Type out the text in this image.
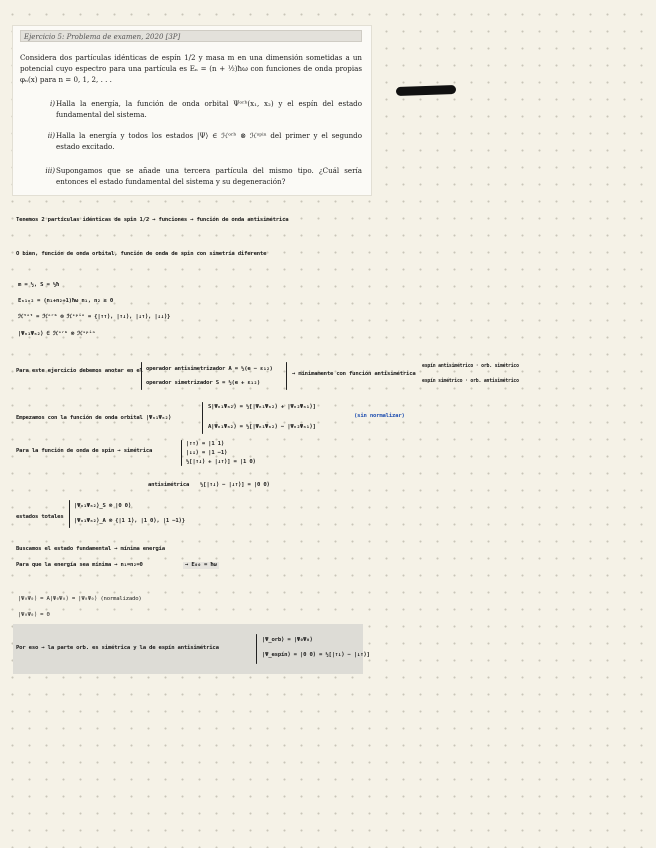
Ejercicio 5: Problema de examen, 2020 [3P]
Considera dos partículas idénticas de espín 1/2 y masa m en una dimensión sometidas a un potencial cuyo espectro para una partícula es Eₙ = (n + ½)ħω con funciones de onda propias φₙ(x) para n = 0, 1, 2, . . .
i) Halla la energía, la función de onda orbital Ψᵒʳᵇ(x₁, x₂) y el espín del estado fundamental del sistema.
ii) Halla la energía y todos los estados |Ψ⟩ ∈ ℋᵒʳᵇ ⊗ ℋˢᵖⁱⁿ del primer y el segundo estado excitado.
iii) Supongamos que se añade una tercera partícula del mismo tipo. ¿Cuál sería entonces el estado fundamental del sistema y su degeneración?
Tenemos 2 partículas idénticas de spin 1/2 → funciones → función de onda antisimétrica
O bien, función de onda orbital, función de onda de spin con simetría diferente
m = ½, S = ½ħ
Eₙ₁ₙ₂ = (n₁+n₂+1)ħω n₁, n₂ ≥ 0
ℋᵗᵒᵗ = ℋᵒʳᵇ ⊗ ℋˢᵖⁱⁿ = {|↑↑⟩, |↑↓⟩, |↓↑⟩, |↓↓⟩}
|Ψₙ₁Ψₙ₂⟩ ∈ ℋᵒʳᵇ ⊗ ℋˢᵖⁱⁿ
Para este ejercicio debemos anotar en el operador antisimetrizador A = ½(e − ε₁₂)
operador simetrizador S = ½(e + ε₁₂)
→ mínimamente con función antisimétrica
espín antisimétrico · orb. simétrico
espín simétrico · orb. antisimétrico
Empezamos con la función de onda orbital |Ψₙ₁Ψₙ₂⟩
S|Ψₙ₁Ψₙ₂⟩ = ½[|Ψₙ₁Ψₙ₂⟩ + |Ψₙ₂Ψₙ₁⟩]
A|Ψₙ₁Ψₙ₂⟩ = ½[|Ψₙ₁Ψₙ₂⟩ − |Ψₙ₂Ψₙ₁⟩]
(sin normalizar)
Para la función de onda de spin → simétrica
|↑↑⟩ = |1 1⟩
|↓↓⟩ = |1 −1⟩
½[|↑↓⟩ + |↓↑⟩] = |1 0⟩
antisimétrica ½[|↑↓⟩ − |↓↑⟩] = |0 0⟩
estados totales
|Ψₙ₁Ψₙ₂⟩_S ⊗ |0 0⟩
|Ψₙ₁Ψₙ₂⟩_A ⊗ {|1 1⟩, |1 0⟩, |1 −1⟩}
Buscamos el estado fundamental → mínima energía
Para que la energía sea mínima → n₁=n₂=0	→ E₀₀ = ħω
|Ψ₀Ψ₀⟩ = A|Ψ₀Ψ₀⟩ = |Ψ₀Ψ₀⟩ (normalizado)
|Ψ₀Ψ₀⟩ = 0
Por eso → la parte orb. es simétrica y la de espín antisimétrica
|Ψ_orb⟩ = |Ψ₀Ψ₀⟩
|Ψ_espín⟩ = |0 0⟩ = ½[|↑↓⟩ − |↓↑⟩]
